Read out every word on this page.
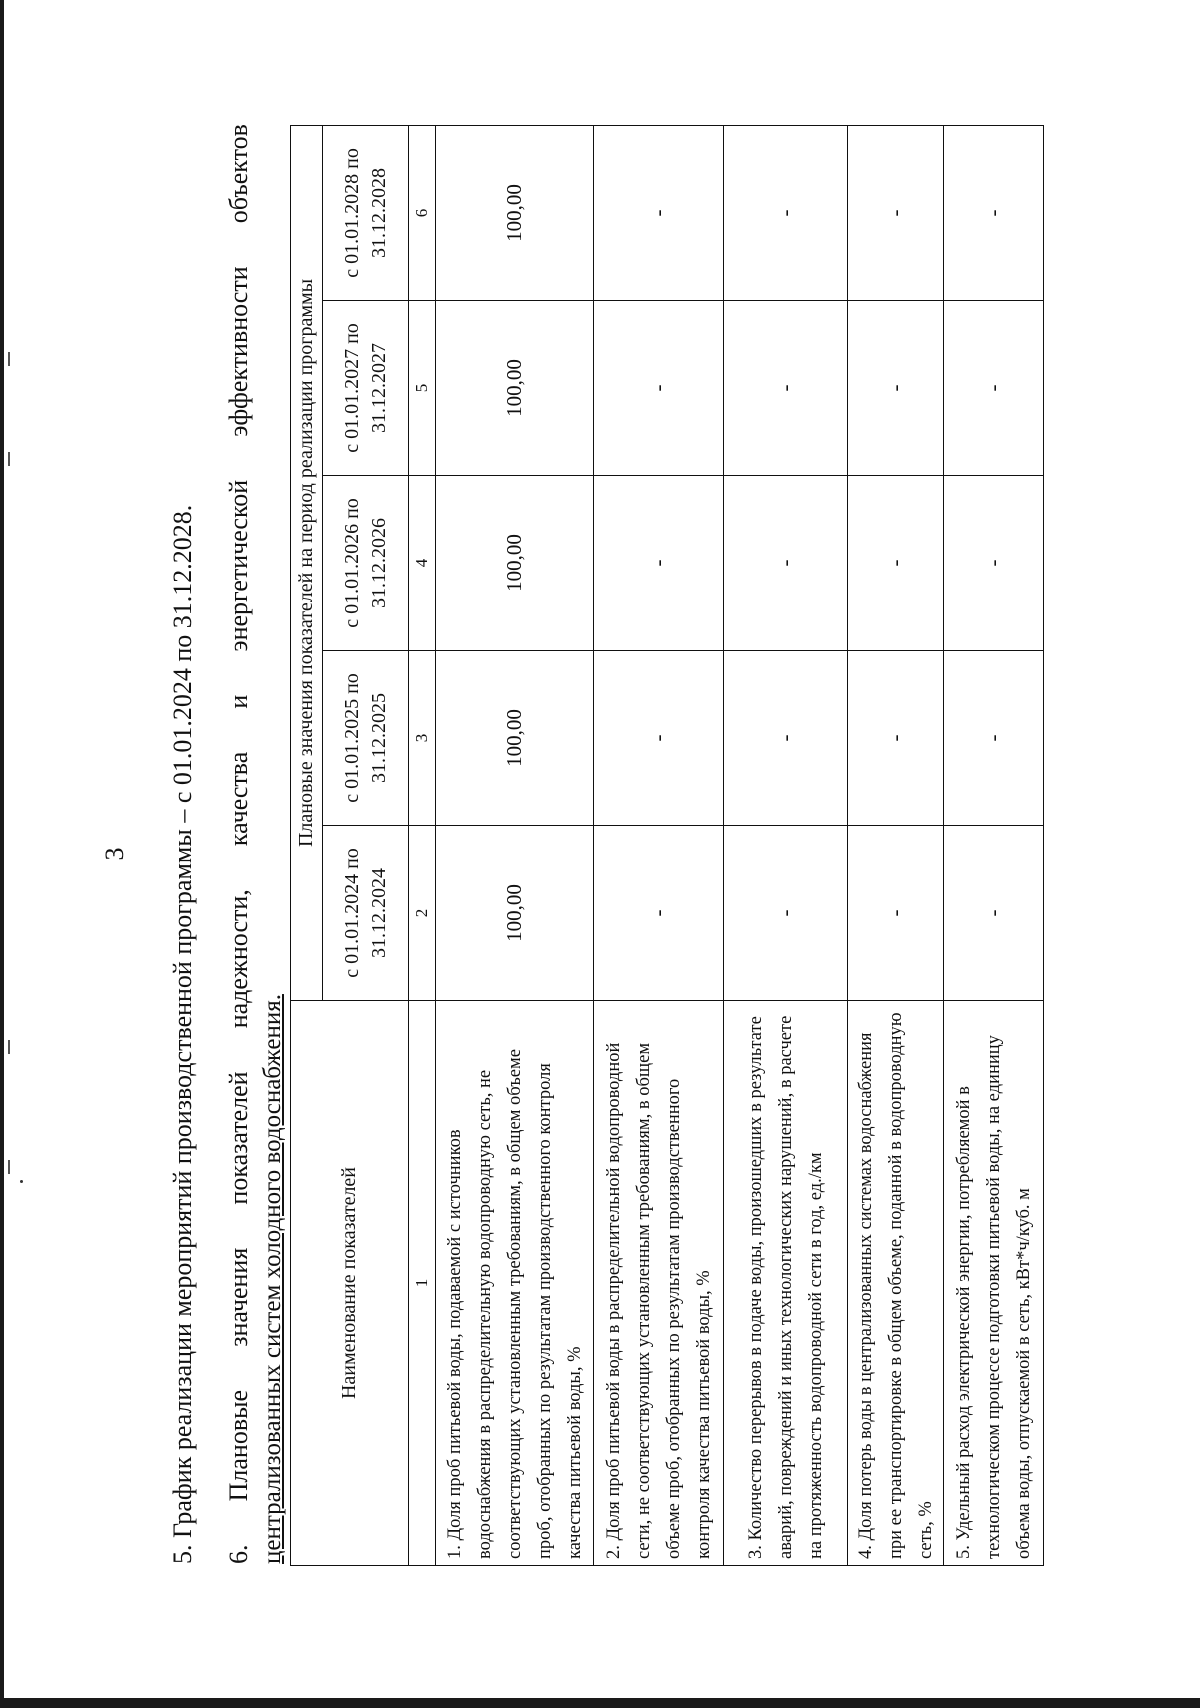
3 5. График реализации мероприятий производственной программы – с 01.01.2024 по 31.12.2028. 6.
Плановые
значения
показателей
надежности,
качества
и
энергетической
эффективности
объектов
централизованных систем холодного водоснабжения.	Наименование показателей	Плановые значения показателей на период реализации программы				
	с 01.01.2024 по 31.12.2024	с 01.01.2025 по 31.12.2025	с 01.01.2026 по 31.12.2026	с 01.01.2027 по 31.12.2027	с 01.01.2028 по 31.12.2028
1	2	3	4	5	6
1. Доля проб питьевой воды, подаваемой с источников водоснабжения в распределительную водопроводную сеть, не соответствующих установленным требованиям, в общем объеме проб, отобранных по результатам производственного контроля качества питьевой воды, %	100,00	100,00	100,00	100,00	100,00
2. Доля проб питьевой воды в распределительной водопроводной сети, не соответствующих установленным требованиям, в общем объеме проб, отобранных по результатам производственного контроля качества питьевой воды, %	-	-	-	-	-
3. Количество перерывов в подаче воды, произошедших в результате аварий, повреждений и иных технологических нарушений, в расчете на протяженность водопроводной сети в год, ед./км	-	-	-	-	-
4. Доля потерь воды в централизованных системах водоснабжения при ее транспортировке в общем объеме, поданной в водопроводную сеть, %	-	-	-	-	-
5. Удельный расход электрической энергии, потребляемой в технологическом процессе подготовки питьевой воды, на единицу объема воды, отпускаемой в сеть, кВт*ч/куб. м	-	-	-	-	-
